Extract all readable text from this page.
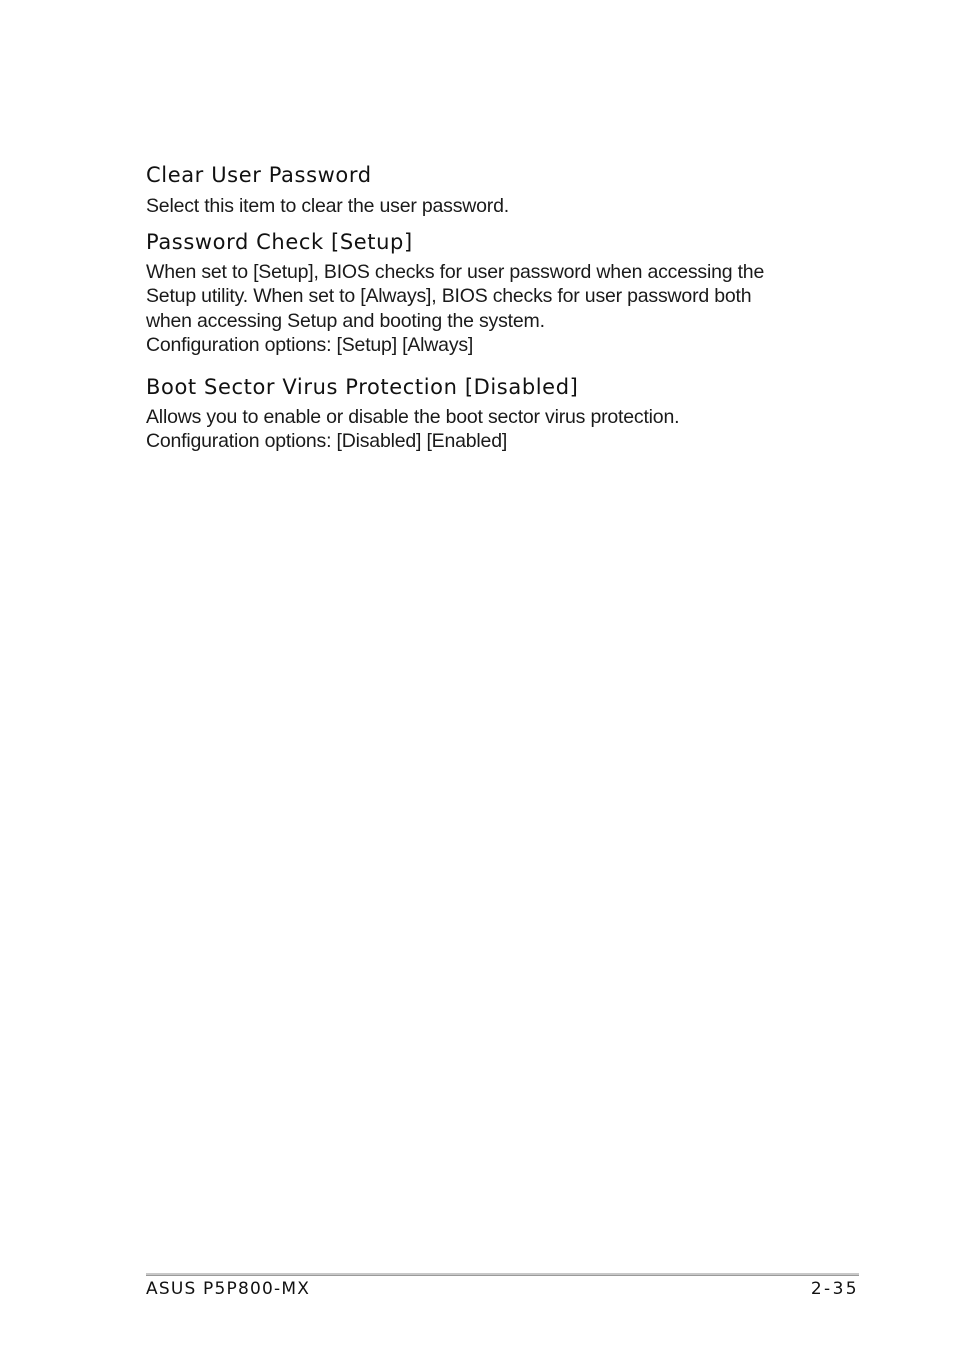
Clear User Password

Select this item to clear the user password.

Password Check [Setup]

When set to [Setup], BIOS checks for user password when accessing the

Setup utility. When set to [Always], BIOS checks for user password both

when accessing Setup and booting the system.

Configuration options: [Setup] [Always]

Boot Sector Virus Protection [Disabled]

Allows you to enable or disable the boot sector virus protection.

Configuration options: [Disabled] [Enabled]

ASUS P5P800-MX	2-35
